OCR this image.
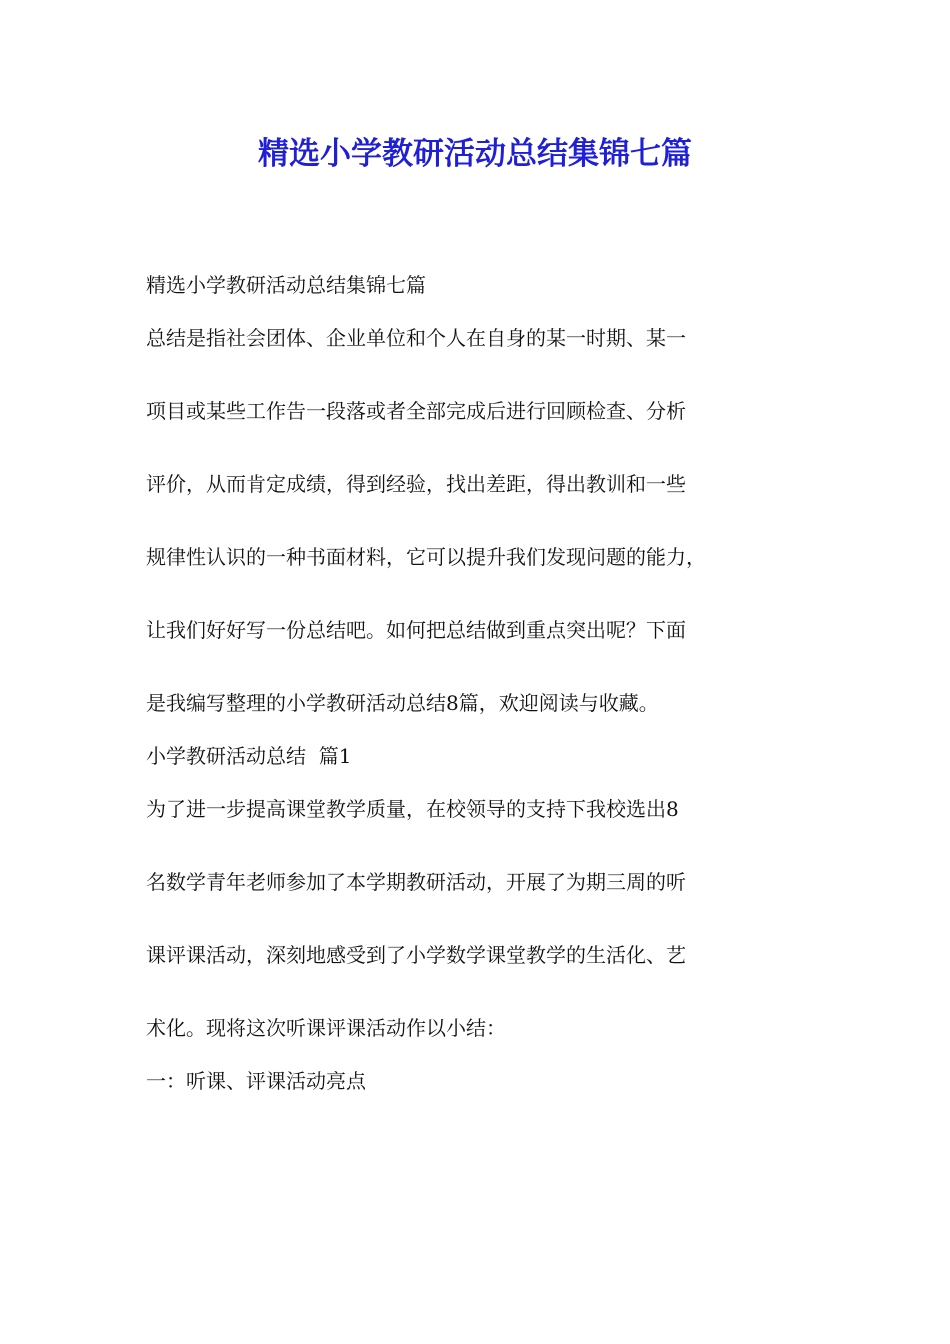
精选小学教研活动总结集锦七篇

精选小学教研活动总结集锦七篇

总结是指社会团体、企业单位和个人在自身的某一时期、某一

项目或某些工作告一段落或者全部完成后进行回顾检查、分析

评价，从而肯定成绩，得到经验，找出差距，得出教训和一些

规律性认识的一种书面材料，它可以提升我们发现问题的能力，

让我们好好写一份总结吧。如何把总结做到重点突出呢？下面

是我编写整理的小学教研活动总结8篇，欢迎阅读与收藏。

小学教研活动总结  篇1

为了进一步提高课堂教学质量，在校领导的支持下我校选出8

名数学青年老师参加了本学期教研活动，开展了为期三周的听

课评课活动，深刻地感受到了小学数学课堂教学的生活化、艺

术化。现将这次听课评课活动作以小结：

一：听课、评课活动亮点
